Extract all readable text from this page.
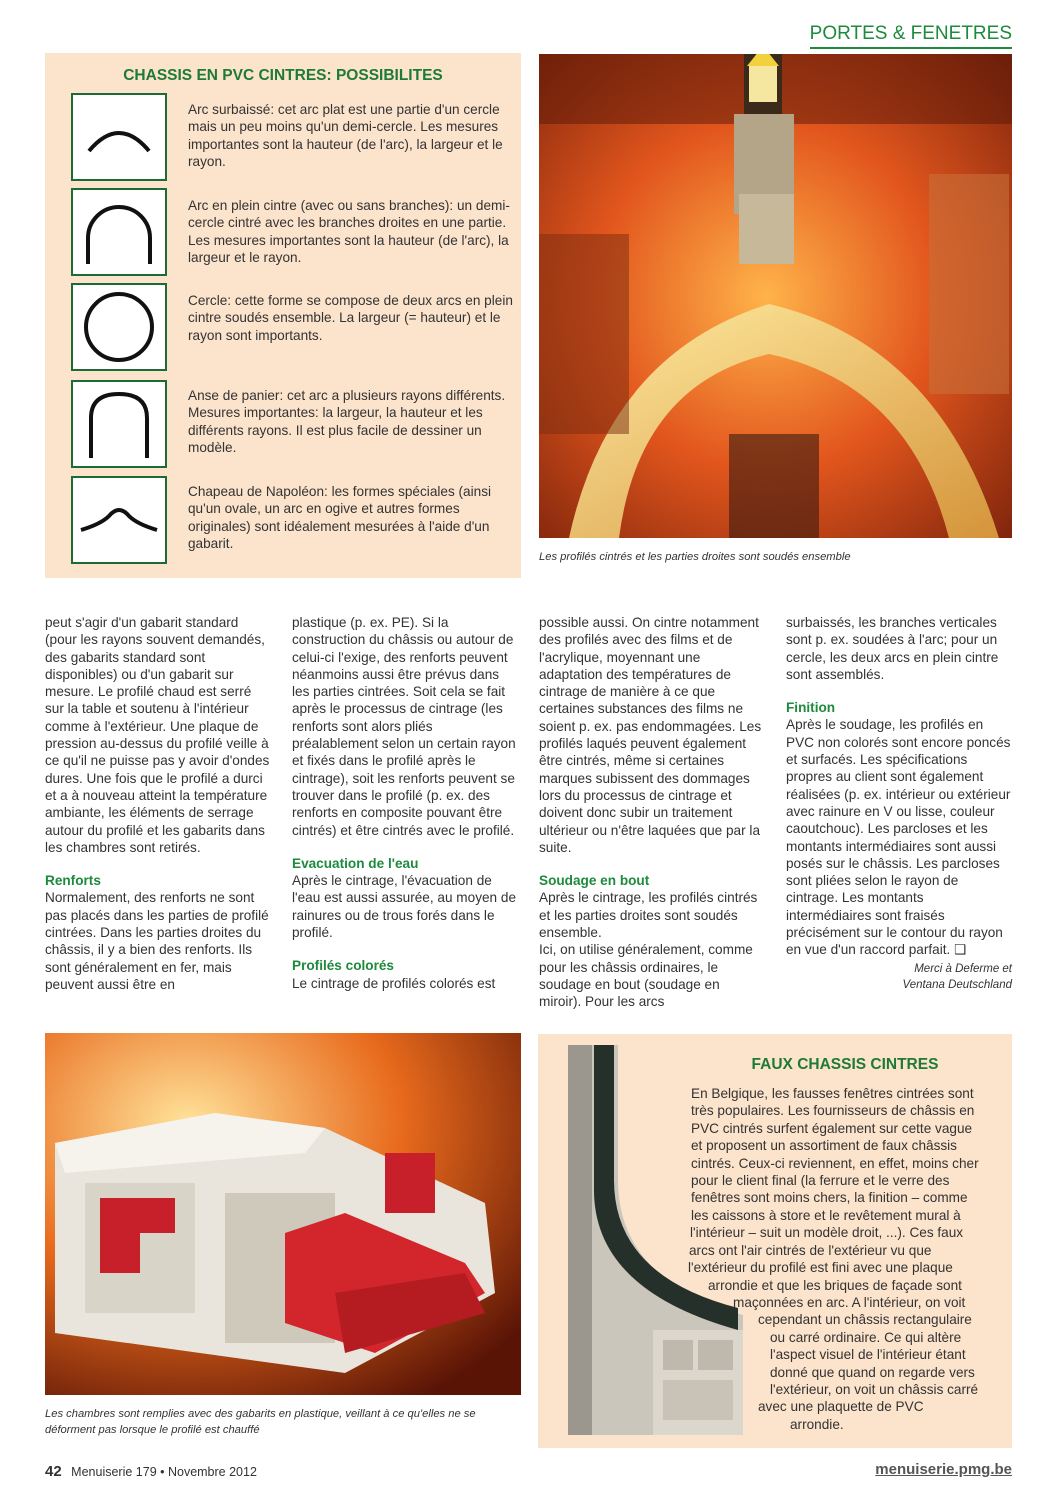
PORTES & FENETRES
CHASSIS EN PVC CINTRES: POSSIBILITES
Arc surbaissé: cet arc plat est une partie d'un cercle mais un peu moins qu'un demi-cercle. Les mesures importantes sont la hauteur (de l'arc), la largeur et le rayon.
Arc en plein cintre (avec ou sans branches): un demi-cercle cintré avec les branches droites en une partie. Les mesures importantes sont la hauteur (de l'arc), la largeur et le rayon.
Cercle: cette forme se compose de deux arcs en plein cintre soudés ensemble. La largeur (= hauteur) et le rayon sont importants.
Anse de panier: cet arc a plusieurs rayons différents. Mesures importantes: la largeur, la hauteur et les différents rayons. Il est plus facile de dessiner un modèle.
Chapeau de Napoléon: les formes spéciales (ainsi qu'un ovale, un arc en ogive et autres formes originales) sont idéalement mesurées à l'aide d'un gabarit.
Les profilés cintrés et les parties droites sont soudés ensemble

peut s'agir d'un gabarit standard (pour les rayons souvent demandés, des gabarits standard sont disponibles) ou d'un gabarit sur mesure. Le profilé chaud est serré sur la table et soutenu à l'intérieur comme à l'extérieur. Une plaque de pression au-dessus du profilé veille à ce qu'il ne puisse pas y avoir d'ondes dures. Une fois que le profilé a durci et a à nouveau atteint la température ambiante, les éléments de serrage autour du profilé et les gabarits dans les chambres sont retirés.

Renforts

Normalement, des renforts ne sont pas placés dans les parties de profilé cintrées. Dans les parties droites du châssis, il y a bien des renforts. Ils sont généralement en fer, mais peuvent aussi être en

plastique (p. ex. PE). Si la construction du châssis ou autour de celui-ci l'exige, des renforts peuvent néanmoins aussi être prévus dans les parties cintrées. Soit cela se fait après le processus de cintrage (les renforts sont alors pliés préalablement selon un certain rayon et fixés dans le profilé après le cintrage), soit les renforts peuvent se trouver dans le profilé (p. ex. des renforts en composite pouvant être cintrés) et être cintrés avec le profilé.

Evacuation de l'eau

Après le cintrage, l'évacuation de l'eau est aussi assurée, au moyen de rainures ou de trous forés dans le profilé.

Profilés colorés

Le cintrage de profilés colorés est

possible aussi. On cintre notamment des profilés avec des films et de l'acrylique, moyennant une adaptation des températures de cintrage de manière à ce que certaines substances des films ne soient p. ex. pas endommagées. Les profilés laqués peuvent également être cintrés, même si certaines marques subissent des dommages lors du processus de cintrage et doivent donc subir un traitement ultérieur ou n'être laquées que par la suite.

Soudage en bout

Après le cintrage, les profilés cintrés et les parties droites sont soudés ensemble.

Ici, on utilise généralement, comme pour les châssis ordinaires, le soudage en bout (soudage en miroir). Pour les arcs

surbaissés, les branches verticales sont p. ex. soudées à l'arc; pour un cercle, les deux arcs en plein cintre sont assemblés.

Finition

Après le soudage, les profilés en PVC non colorés sont encore poncés et surfacés. Les spécifications propres au client sont également réalisées (p. ex. intérieur ou extérieur avec rainure en V ou lisse, couleur caoutchouc). Les parcloses et les montants intermédiaires sont aussi posés sur le châssis. Les parcloses sont pliées selon le rayon de cintrage. Les montants intermédiaires sont fraisés précisément sur le contour du rayon en vue d'un raccord parfait. ❑

Merci à Deferme et
Ventana Deutschland

Les chambres sont remplies avec des gabarits en plastique, veillant à ce qu'elles ne se déforment pas lorsque le profilé est chauffé
FAUX CHASSIS CINTRES
En Belgique, les fausses fenêtres cintrées sont
très populaires. Les fournisseurs de châssis en
PVC cintrés surfent également sur cette vague
et proposent un assortiment de faux châssis
cintrés. Ceux-ci reviennent, en effet, moins cher
pour le client final (la ferrure et le verre des
fenêtres sont moins chers, la finition – comme
les caissons à store et le revêtement mural à
l'intérieur – suit un modèle droit, ...). Ces faux
arcs ont l'air cintrés de l'extérieur vu que
l'extérieur du profilé est fini avec une plaque
arrondie et que les briques de façade sont
maçonnées en arc. A l'intérieur, on voit
cependant un châssis rectangulaire
ou carré ordinaire. Ce qui altère
l'aspect visuel de l'intérieur étant
donné que quand on regarde vers
l'extérieur, on voit un châssis carré
avec une plaquette de PVC
arrondie.
42 Menuiserie 179 • Novembre 2012	menuiserie.pmg.be
